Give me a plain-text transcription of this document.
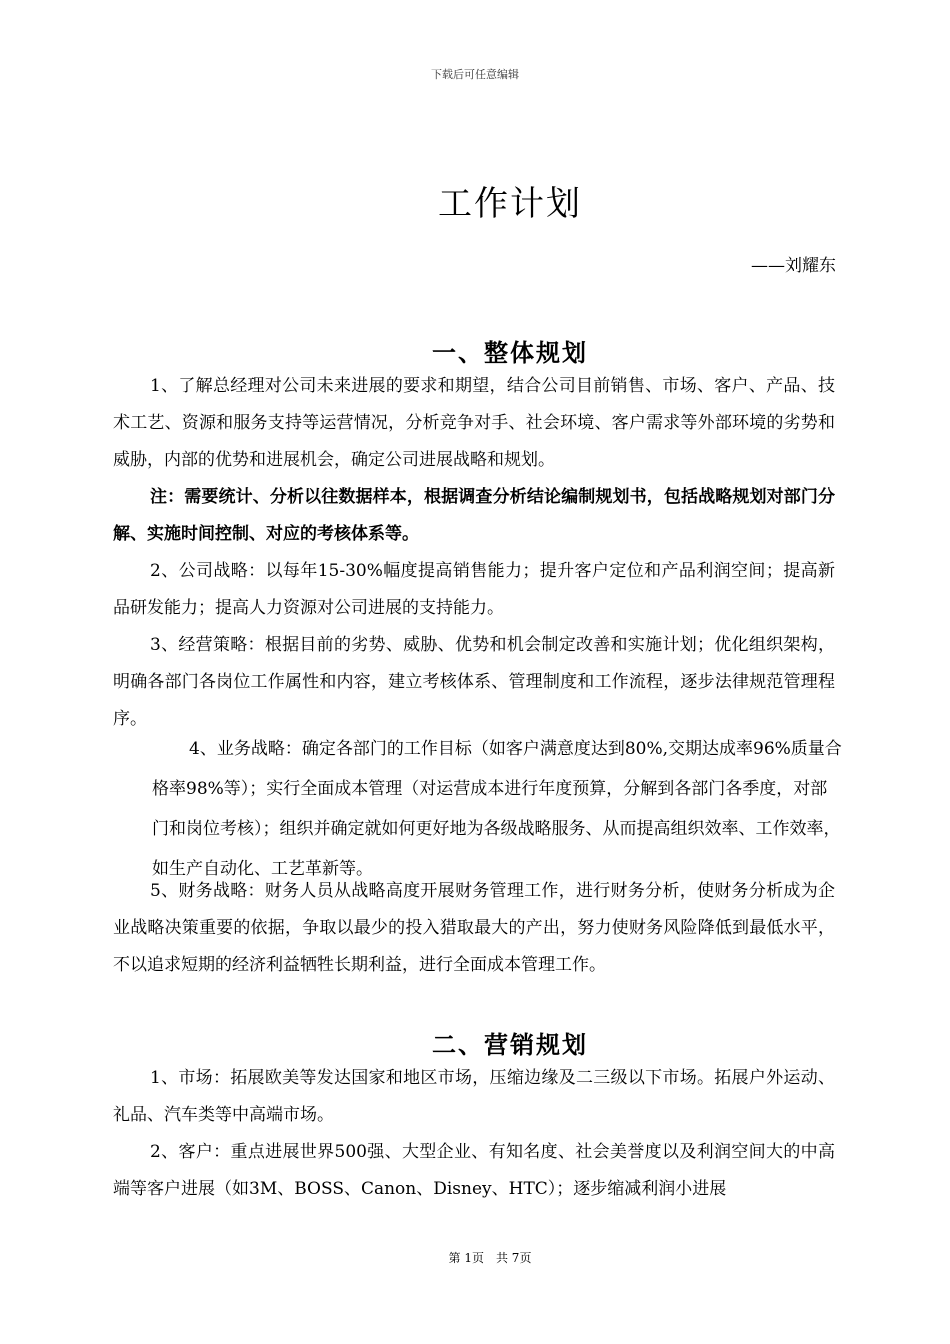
下载后可任意编辑
工作计划
——刘耀东
一、整体规划

1、了解总经理对公司未来进展的要求和期望，结合公司目前销售、市场、客户、产品、技术工艺、资源和服务支持等运营情况，分析竞争对手、社会环境、客户需求等外部环境的劣势和威胁，内部的优势和进展机会，确定公司进展战略和规划。

注：需要统计、分析以往数据样本，根据调查分析结论编制规划书，包括战略规划对部门分解、实施时间控制、对应的考核体系等。

2、公司战略：以每年15-30%幅度提高销售能力；提升客户定位和产品利润空间；提高新品研发能力；提高人力资源对公司进展的支持能力。

3、经营策略：根据目前的劣势、威胁、优势和机会制定改善和实施计划；优化组织架构，明确各部门各岗位工作属性和内容，建立考核体系、管理制度和工作流程，逐步法律规范管理程序。

4、业务战略：确定各部门的工作目标（如客户满意度达到80%,交期达成率96%质量合格率98%等）；实行全面成本管理（对运营成本进行年度预算，分解到各部门各季度，对部门和岗位考核）；组织并确定就如何更好地为各级战略服务、从而提高组织效率、工作效率，如生产自动化、工艺革新等。

5、财务战略：财务人员从战略高度开展财务管理工作，进行财务分析，使财务分析成为企业战略决策重要的依据，争取以最少的投入猎取最大的产出，努力使财务风险降低到最低水平，不以追求短期的经济利益牺牲长期利益，进行全面成本管理工作。

二、营销规划

1、市场：拓展欧美等发达国家和地区市场，压缩边缘及二三级以下市场。拓展户外运动、礼品、汽车类等中高端市场。

2、客户：重点进展世界500强、大型企业、有知名度、社会美誉度以及利润空间大的中高端等客户进展（如3M、BOSS、Canon、Disney、HTC）；逐步缩减利润小进展

第 1页　共 7页
